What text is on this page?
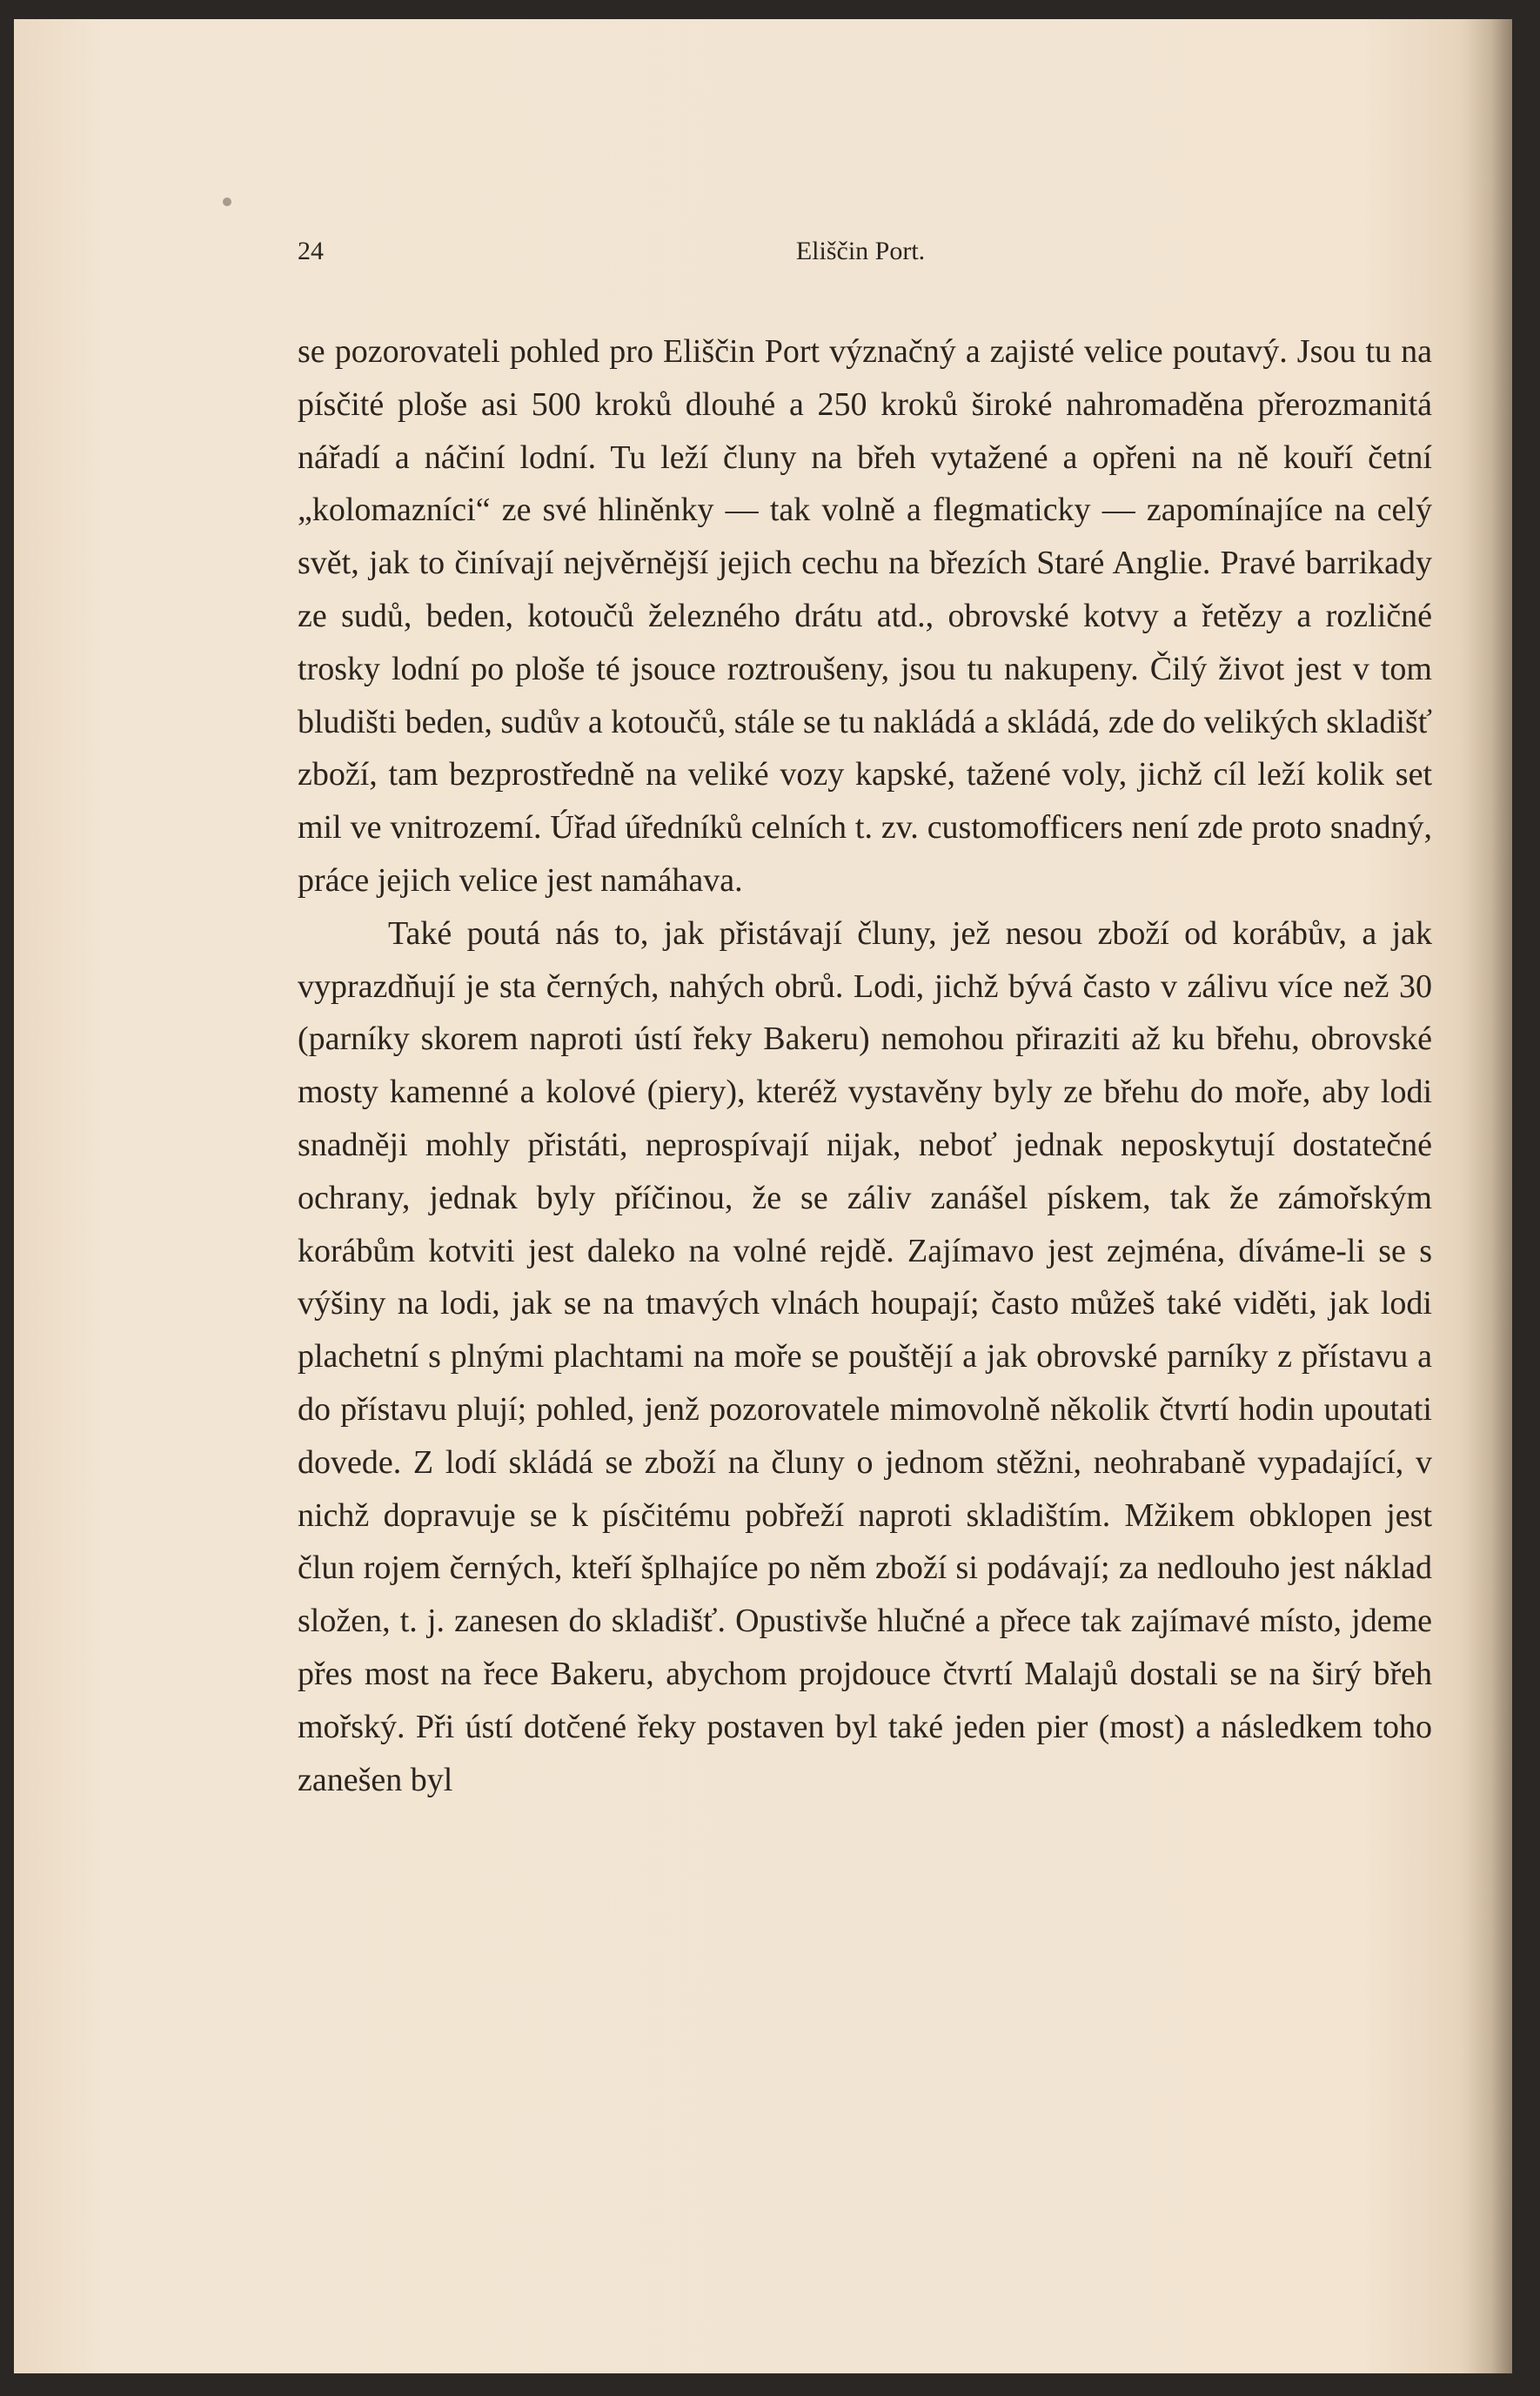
24	Eliščin Port.

se pozorovateli pohled pro Eliščin Port význačný a zajisté velice poutavý. Jsou tu na písčité ploše asi 500 kroků dlouhé a 250 kroků široké nahromaděna přerozmanitá nářadí a náčiní lodní. Tu leží čluny na břeh vytažené a opřeni na ně kouří četní „kolomazníci“ ze své hliněnky — tak volně a flegmaticky — zapomínajíce na celý svět, jak to činívají nejvěrnější jejich cechu na březích Staré Anglie. Pravé barrikady ze sudů, beden, kotoučů železného drátu atd., obrovské kotvy a řetězy a rozličné trosky lodní po ploše té jsouce roztroušeny, jsou tu nakupeny. Čilý život jest v tom bludišti beden, sudův a kotoučů, stále se tu nakládá a skládá, zde do velikých skladišť zboží, tam bezprostředně na veliké vozy kapské, tažené voly, jichž cíl leží kolik set mil ve vnitrozemí. Úřad úředníků celních t. zv. customofficers není zde proto snadný, práce jejich velice jest namáhava.

Také poutá nás to, jak přistávají čluny, jež nesou zboží od korábův, a jak vyprazdňují je sta černých, nahých obrů. Lodi, jichž bývá často v zálivu více než 30 (parníky skorem naproti ústí řeky Bakeru) nemohou přiraziti až ku břehu, obrovské mosty kamenné a kolové (piery), kteréž vystavěny byly ze břehu do moře, aby lodi snadněji mohly přistáti, neprospívají nijak, neboť jednak neposkytují dostatečné ochrany, jednak byly příčinou, že se záliv zanášel pískem, tak že zámořským korábům kotviti jest daleko na volné rejdě. Zajímavo jest zejména, díváme-li se s výšiny na lodi, jak se na tmavých vlnách houpají; často můžeš také viděti, jak lodi plachetní s plnými plachtami na moře se pouštějí a jak obrovské parníky z přístavu a do přístavu plují; pohled, jenž pozorovatele mimovolně několik čtvrtí hodin upoutati dovede. Z lodí skládá se zboží na čluny o jednom stěžni, neohrabaně vypadající, v nichž dopravuje se k písčitému pobřeží naproti skladištím. Mžikem obklopen jest člun rojem černých, kteří šplhajíce po něm zboží si podávají; za nedlouho jest náklad složen, t. j. zanesen do skladišť. Opustivše hlučné a přece tak zajímavé místo, jdeme přes most na řece Bakeru, abychom projdouce čtvrtí Malajů dostali se na širý břeh mořský. Při ústí dotčené řeky postaven byl také jeden pier (most) a následkem toho zanešen byl
